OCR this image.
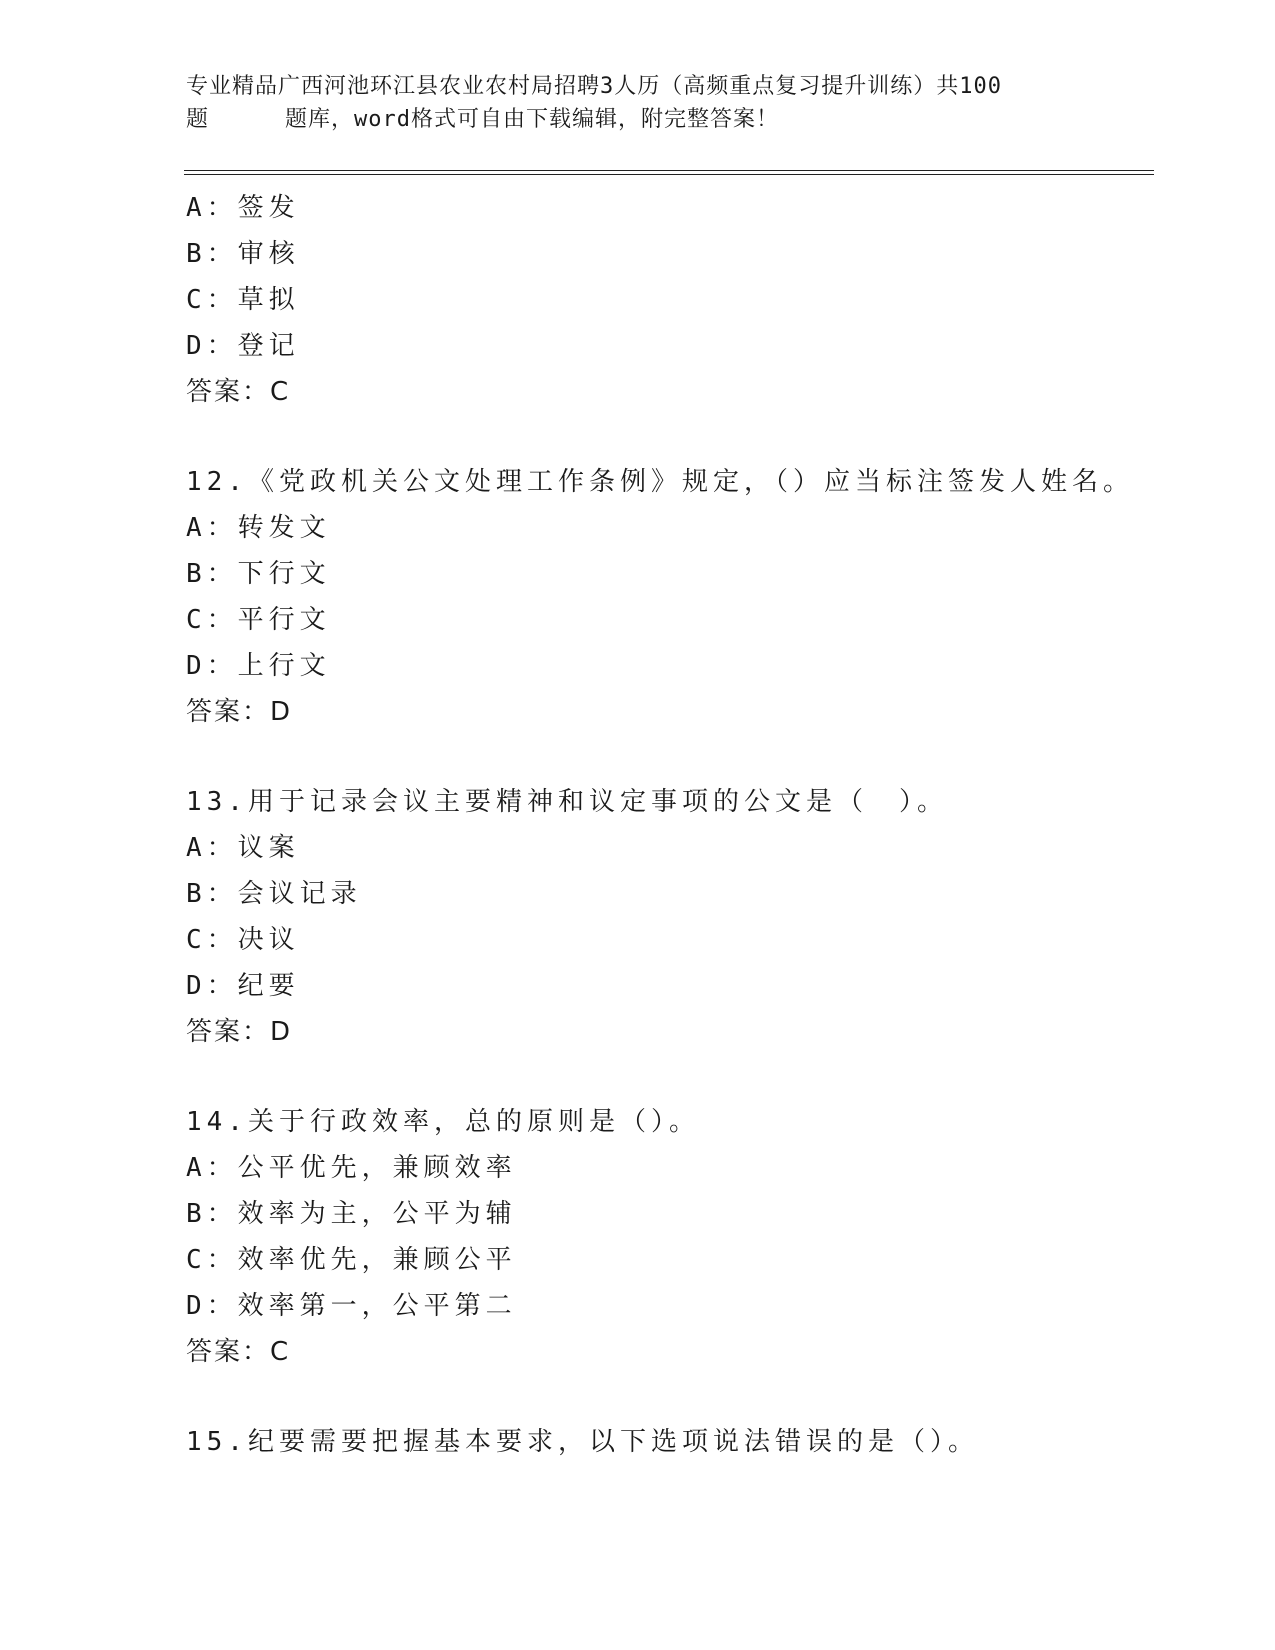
专业精品广西河池环江县农业农村局招聘3人历（高频重点复习提升训练）共100
题	题库，word格式可自由下载编辑，附完整答案！
A：签发
B：审核
C：草拟
D：登记
答案：C
12.《党政机关公文处理工作条例》规定，（）应当标注签发人姓名。
A：转发文
B：下行文
C：平行文
D：上行文
答案：D
13.用于记录会议主要精神和议定事项的公文是（　）。
A：议案
B：会议记录
C：决议
D：纪要
答案：D
14.关于行政效率，总的原则是（）。
A：公平优先，兼顾效率
B：效率为主，公平为辅
C：效率优先，兼顾公平
D：效率第一，公平第二
答案：C
15.纪要需要把握基本要求，以下选项说法错误的是（）。
